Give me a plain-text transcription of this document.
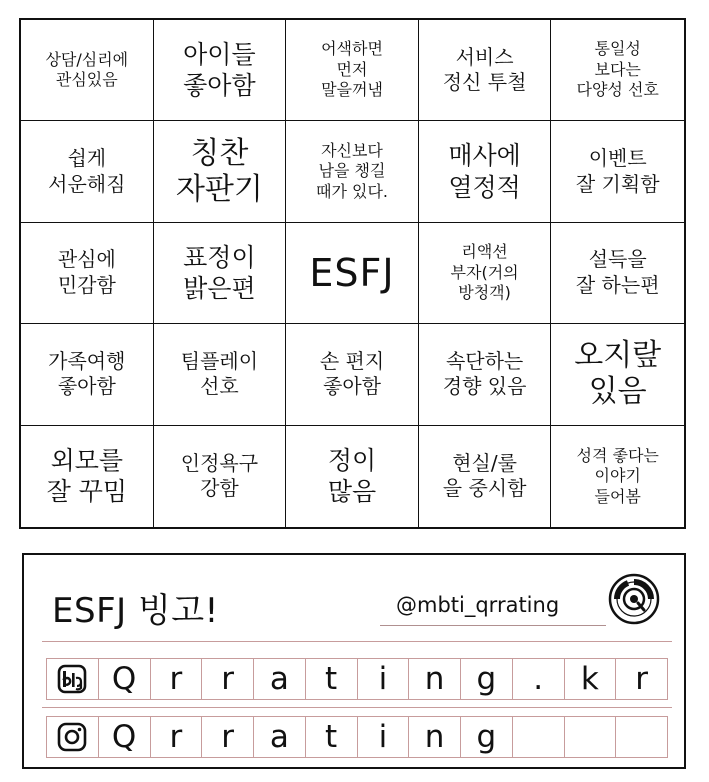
상담/심리에
관심있음
아이들
좋아함
어색하면
먼저
말을꺼냄
서비스
정신 투철
통일성
보다는
다양성 선호
쉽게
서운해짐
칭찬
자판기
자신보다
남을 챙길
때가 있다.
매사에
열정적
이벤트
잘 기획함
관심에
민감함
표정이
밝은편 ESFJ	리액션
부자(거의
방청객)
설득을
잘 하는편
가족여행
좋아함
팀플레이
선호
손 편지
좋아함
속단하는
경향 있음
오지랖
있음
외모를
잘 꾸밈
인정욕구
강함
정이
많음
현실/룰
을 중시함
성격 좋다는
이야기
들어봄
ESFJ 빙고!	@mbti_qrrating
Q	r	r	a	t	i	n	g	.	k	r
Q	r	r	a	t	i	n	g
